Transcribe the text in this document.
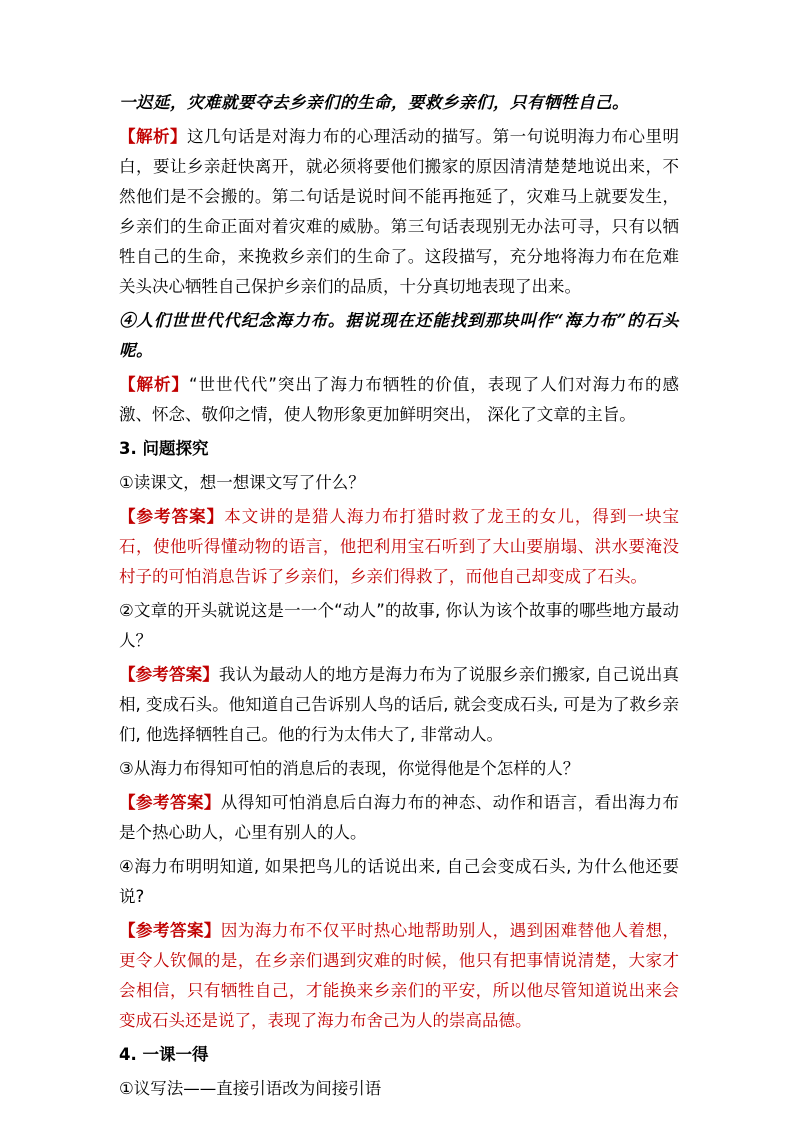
一迟延，灾难就要夺去乡亲们的生命，要救乡亲们，只有牺牲自己。

【解析】这几句话是对海力布的心理活动的描写。第一句说明海力布心里明白，要让乡亲赶快离开，就必须将要他们搬家的原因清清楚楚地说出来，不然他们是不会搬的。第二句话是说时间不能再拖延了，灾难马上就要发生，乡亲们的生命正面对着灾难的威胁。第三句话表现别无办法可寻，只有以牺牲自己的生命，来挽救乡亲们的生命了。这段描写，充分地将海力布在危难关头决心牺牲自己保护乡亲们的品质，十分真切地表现了出来。

④人们世世代代纪念海力布。据说现在还能找到那块叫作“海力布”的石头呢。

【解析】“世世代代”突出了海力布牺牲的价值，表现了人们对海力布的感激、怀念、敬仰之情，使人物形象更加鲜明突出， 深化了文章的主旨。

3. 问题探究

①读课文，想一想课文写了什么？

【参考答案】本文讲的是猎人海力布打猎时救了龙王的女儿，得到一块宝石，使他听得懂动物的语言，他把利用宝石听到了大山要崩塌、洪水要淹没村子的可怕消息告诉了乡亲们，乡亲们得救了，而他自己却变成了石头。

②文章的开头就说这是一一个“动人”的故事, 你认为该个故事的哪些地方最动人？

【参考答案】我认为最动人的地方是海力布为了说服乡亲们搬家, 自己说出真相, 变成石头。他知道自己告诉别人鸟的话后, 就会变成石头, 可是为了救乡亲们, 他选择牺牲自己。他的行为太伟大了, 非常动人。

③从海力布得知可怕的消息后的表现，你觉得他是个怎样的人？

【参考答案】从得知可怕消息后白海力布的神态、动作和语言，看出海力布是个热心助人，心里有别人的人。

④海力布明明知道, 如果把鸟儿的话说出来, 自己会变成石头, 为什么他还要说?

【参考答案】因为海力布不仅平时热心地帮助别人，遇到困难替他人着想，更令人钦佩的是，在乡亲们遇到灾难的时候，他只有把事情说清楚，大家才会相信，只有牺牲自己，才能换来乡亲们的平安，所以他尽管知道说出来会变成石头还是说了，表现了海力布舍己为人的崇高品德。

4. 一课一得

①议写法——直接引语改为间接引语
